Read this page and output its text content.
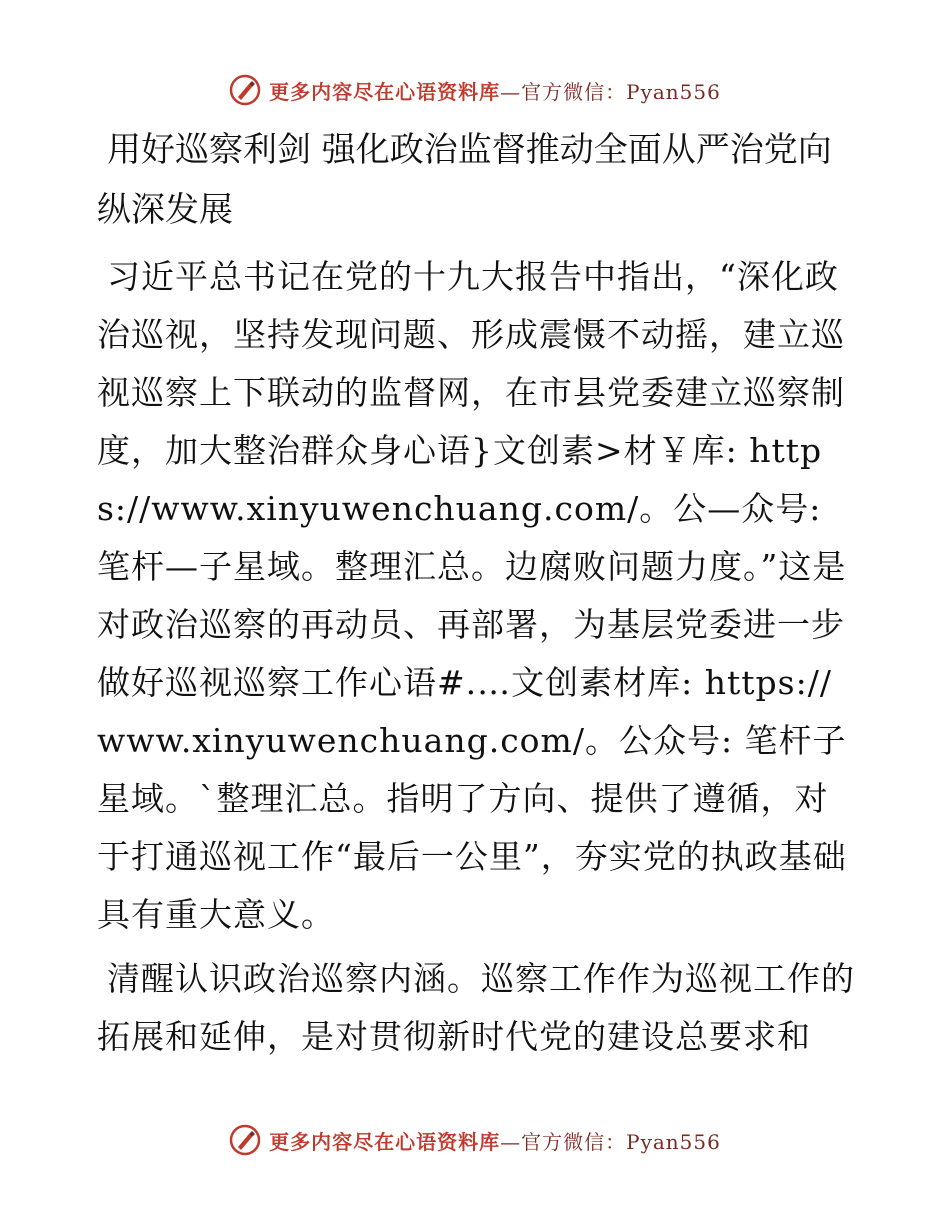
更多内容尽在心语资料库—官方微信：Pyan556
用好巡察利剑 强化政治监督推动全面从严治党向纵深发展

习近平总书记在党的十九大报告中指出，“深化政治巡视，坚持发现问题、形成震慑不动摇，建立巡视巡察上下联动的监督网，在市县党委建立巡察制度，加大整治群众身心语}文创素>材￥库: https://www.xinyuwenchuang.com/。公—众号: 笔杆—子星域。整理汇总。边腐败问题力度。”这是对政治巡察的再动员、再部署，为基层党委进一步做好巡视巡察工作心语#.…文创素材库: https://www.xinyuwenchuang.com/。公众号: 笔杆子星域。`整理汇总。指明了方向、提供了遵循，对于打通巡视工作“最后一公里”，夯实党的执政基础具有重大意义。

清醒认识政治巡察内涵。巡察工作作为巡视工作的拓展和延伸，是对贯彻新时代党的建设总要求和

更多内容尽在心语资料库—官方微信：Pyan556
